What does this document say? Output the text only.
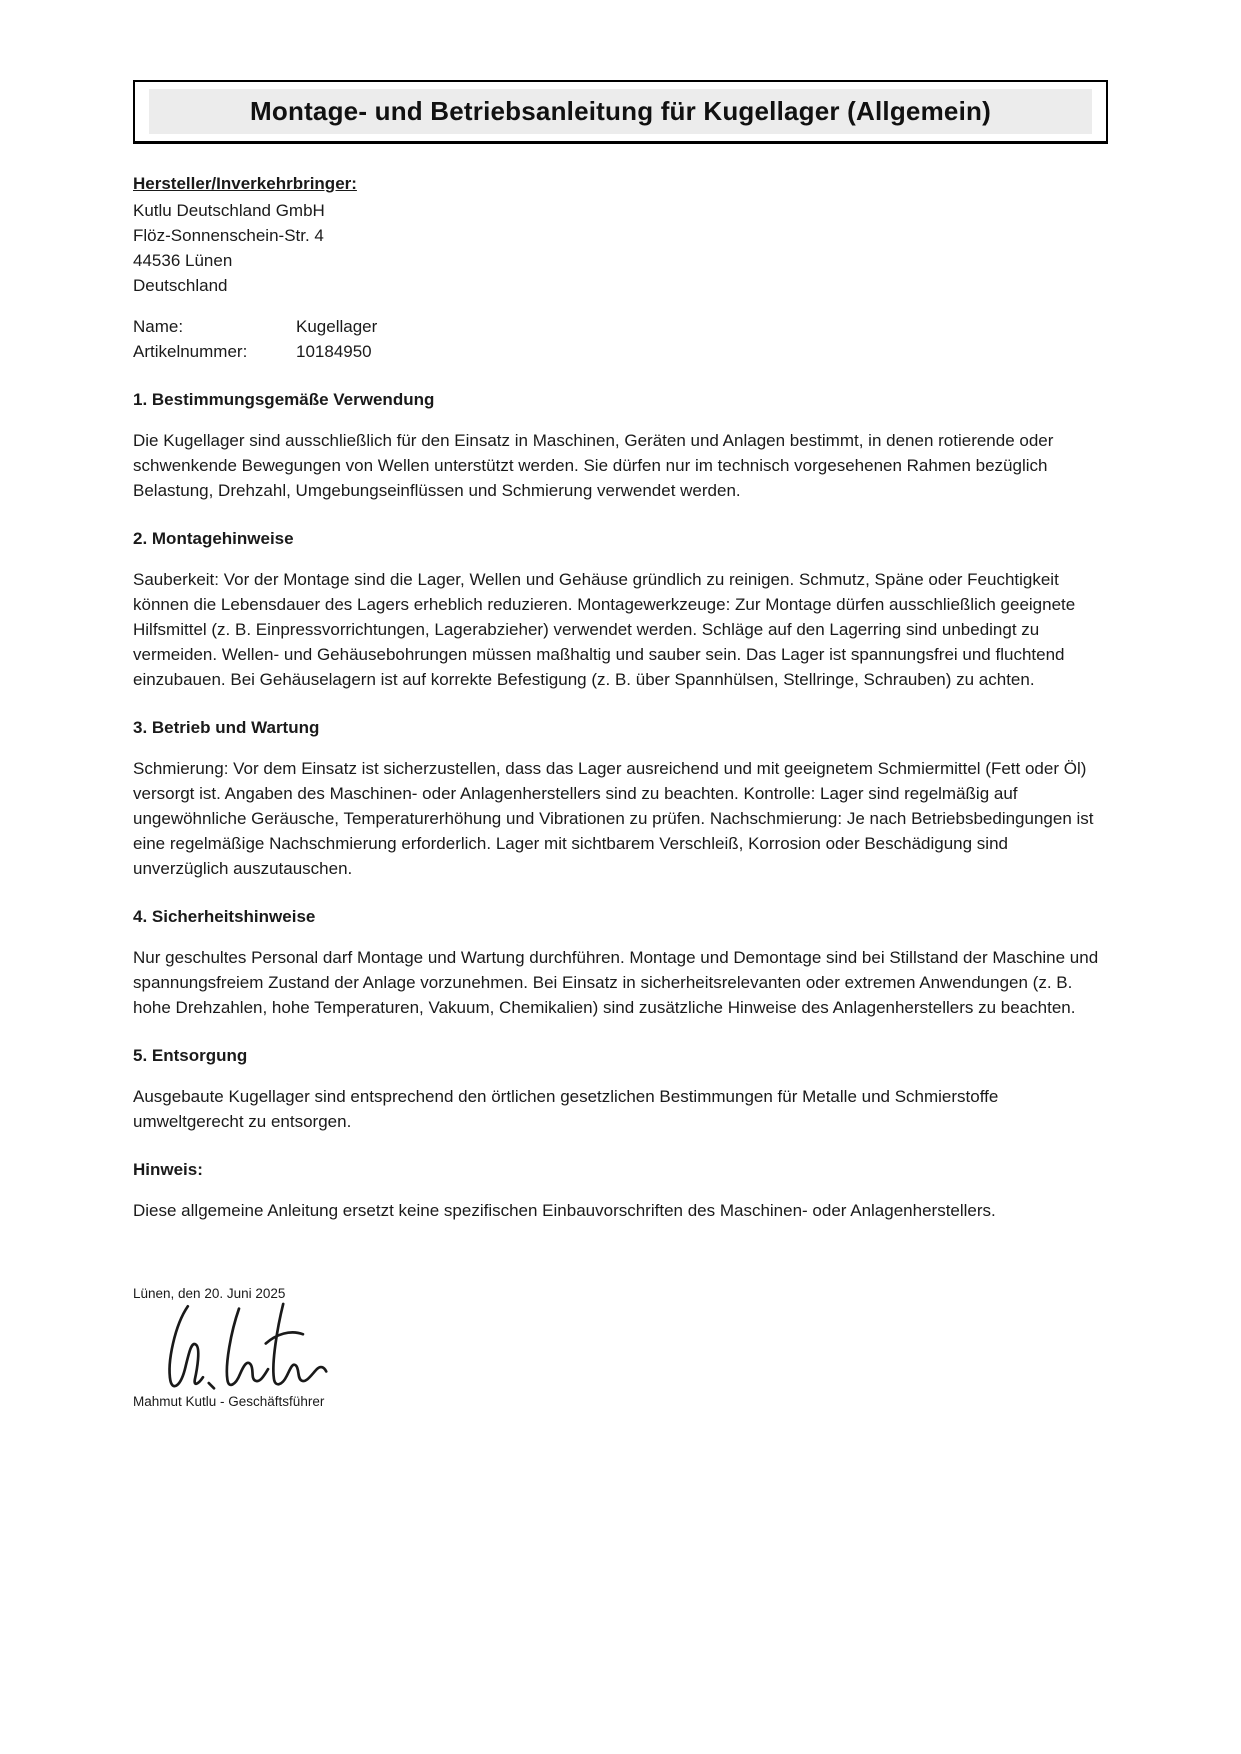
Montage- und Betriebsanleitung für Kugellager (Allgemein)
Hersteller/Inverkehrbringer:
Kutlu Deutschland GmbH
Flöz-Sonnenschein-Str. 4
44536 Lünen
Deutschland
Name:	Kugellager
Artikelnummer:	10184950
1. Bestimmungsgemäße Verwendung

Die Kugellager sind ausschließlich für den Einsatz in Maschinen, Geräten und Anlagen bestimmt, in denen rotierende oder schwenkende Bewegungen von Wellen unterstützt werden. Sie dürfen nur im technisch vorgesehenen Rahmen bezüglich Belastung, Drehzahl, Umgebungseinflüssen und Schmierung verwendet werden.

2. Montagehinweise

Sauberkeit: Vor der Montage sind die Lager, Wellen und Gehäuse gründlich zu reinigen. Schmutz, Späne oder Feuchtigkeit können die Lebensdauer des Lagers erheblich reduzieren. Montagewerkzeuge: Zur Montage dürfen ausschließlich geeignete Hilfsmittel (z. B. Einpressvorrichtungen, Lagerabzieher) verwendet werden. Schläge auf den Lagerring sind unbedingt zu vermeiden. Wellen- und Gehäusebohrungen müssen maßhaltig und sauber sein. Das Lager ist spannungsfrei und fluchtend einzubauen. Bei Gehäuselagern ist auf korrekte Befestigung (z. B. über Spannhülsen, Stellringe, Schrauben) zu achten.

3. Betrieb und Wartung

Schmierung: Vor dem Einsatz ist sicherzustellen, dass das Lager ausreichend und mit geeignetem Schmiermittel (Fett oder Öl) versorgt ist. Angaben des Maschinen- oder Anlagenherstellers sind zu beachten. Kontrolle: Lager sind regelmäßig auf ungewöhnliche Geräusche, Temperaturerhöhung und Vibrationen zu prüfen. Nachschmierung: Je nach Betriebsbedingungen ist eine regelmäßige Nachschmierung erforderlich. Lager mit sichtbarem Verschleiß, Korrosion oder Beschädigung sind unverzüglich auszutauschen.

4. Sicherheitshinweise

Nur geschultes Personal darf Montage und Wartung durchführen. Montage und Demontage sind bei Stillstand der Maschine und spannungsfreiem Zustand der Anlage vorzunehmen. Bei Einsatz in sicherheitsrelevanten oder extremen Anwendungen (z. B. hohe Drehzahlen, hohe Temperaturen, Vakuum, Chemikalien) sind zusätzliche Hinweise des Anlagenherstellers zu beachten.

5. Entsorgung

Ausgebaute Kugellager sind entsprechend den örtlichen gesetzlichen Bestimmungen für Metalle und Schmierstoffe umweltgerecht zu entsorgen.

Hinweis:

Diese allgemeine Anleitung ersetzt keine spezifischen Einbauvorschriften des Maschinen- oder Anlagenherstellers.

Lünen, den 20. Juni 2025
Mahmut Kutlu - Geschäftsführer
